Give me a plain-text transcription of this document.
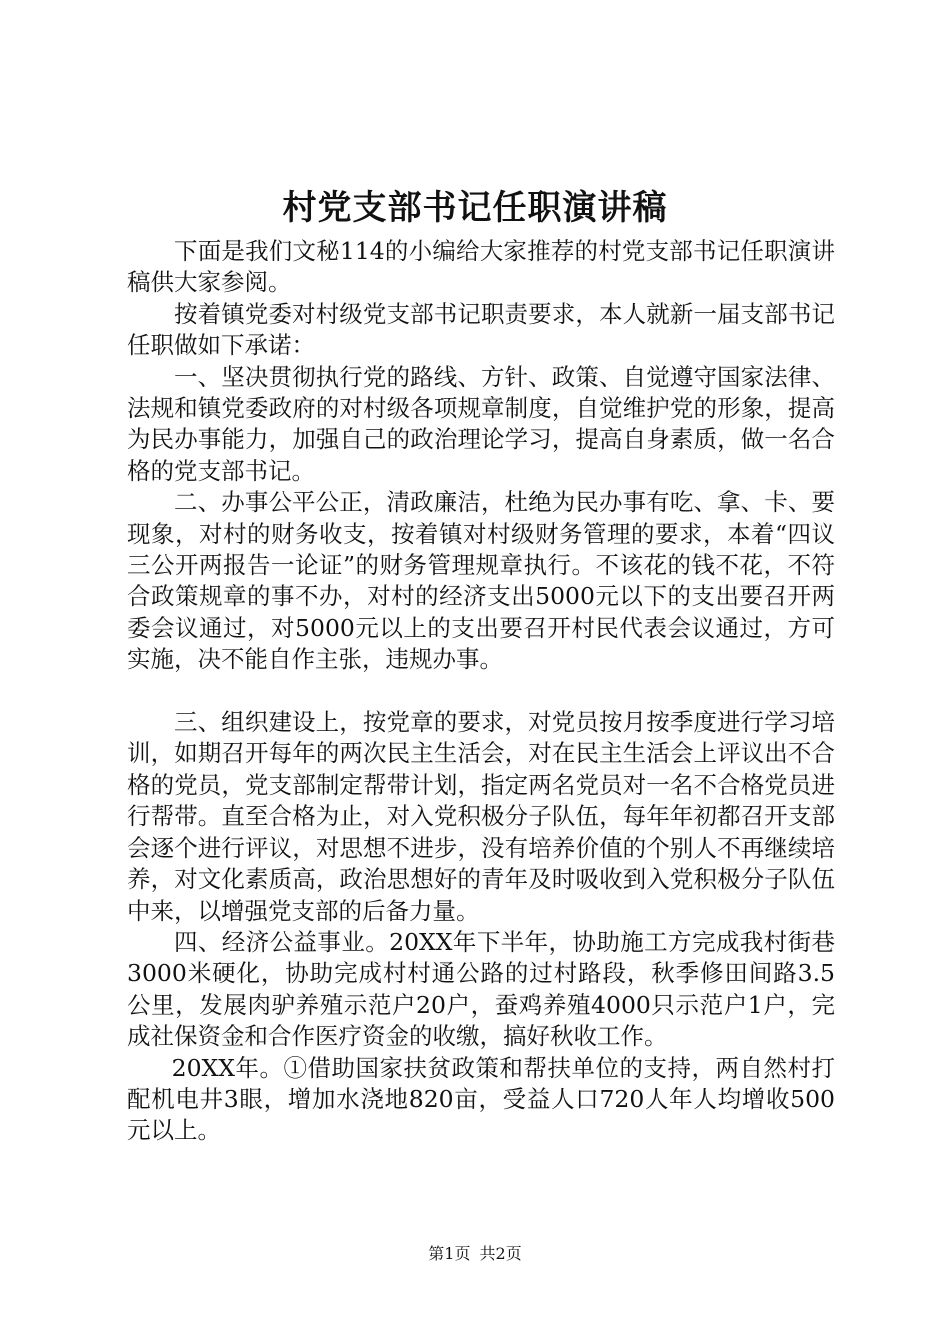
村党支部书记任职演讲稿

下面是我们文秘114的小编给大家推荐的村党支部书记任职演讲稿供大家参阅。

按着镇党委对村级党支部书记职责要求，本人就新一届支部书记任职做如下承诺：

一、坚决贯彻执行党的路线、方针、政策、自觉遵守国家法律、法规和镇党委政府的对村级各项规章制度，自觉维护党的形象，提高为民办事能力，加强自己的政治理论学习，提高自身素质，做一名合格的党支部书记。

二、办事公平公正，清政廉洁，杜绝为民办事有吃、拿、卡、要现象，对村的财务收支，按着镇对村级财务管理的要求，本着“四议三公开两报告一论证”的财务管理规章执行。不该花的钱不花，不符合政策规章的事不办，对村的经济支出5000元以下的支出要召开两委会议通过，对5000元以上的支出要召开村民代表会议通过，方可实施，决不能自作主张，违规办事。

三、组织建设上，按党章的要求，对党员按月按季度进行学习培训，如期召开每年的两次民主生活会，对在民主生活会上评议出不合格的党员，党支部制定帮带计划，指定两名党员对一名不合格党员进行帮带。直至合格为止，对入党积极分子队伍，每年年初都召开支部会逐个进行评议，对思想不进步，没有培养价值的个别人不再继续培养，对文化素质高，政治思想好的青年及时吸收到入党积极分子队伍中来，以增强党支部的后备力量。

四、经济公益事业。20XX年下半年，协助施工方完成我村街巷3000米硬化，协助完成村村通公路的过村路段，秋季修田间路3.5公里，发展肉驴养殖示范户20户，蚕鸡养殖4000只示范户1户，完成社保资金和合作医疗资金的收缴，搞好秋收工作。

20XX年。①借助国家扶贫政策和帮扶单位的支持，两自然村打配机电井3眼，增加水浇地820亩，受益人口720人年人均增收500元以上。

第1页 共2页
